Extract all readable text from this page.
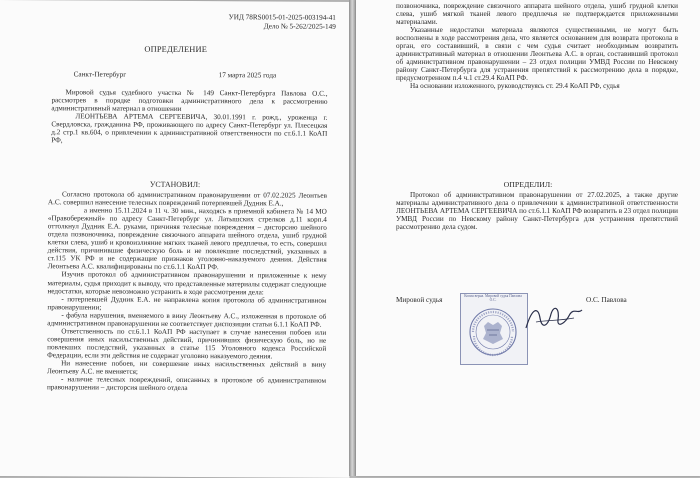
УИД 78RS0015-01-2025-003194-41
Дело № 5-262/2025-149
ОПРЕДЕЛЕНИЕ
Санкт-Петербург	17 марта 2025 года

Мировой судья судебного участка № 149 Санкт-Петербурга Павлова О.С., рассмотрев в порядке подготовки административного дела к рассмотрению административный материал в отношении

ЛЕОНТЬЕВА АРТЕМА СЕРГЕЕВИЧА, 30.01.1991 г. рожд., уроженца г. Свердловска, гражданина РФ, проживающего по адресу Санкт-Петербург ул. Плесецкая д.2 стр.1 кв.604, о привлечении к административной ответственности по ст.6.1.1 КоАП РФ,

УСТАНОВИЛ:

Согласно протокола об административном правонарушении от 07.02.2025 Леонтьев А.С. совершил нанесение телесных повреждений потерпевшей Дудник Е.А.,

а именно 15.11.2024 в 11 ч. 30 мин., находясь в приемной кабинета № 14 МО «Правобережный» по адресу Санкт-Петербург ул. Латышских стрелков д.11 корп.4 оттолкнул Дудник Е.А. руками, причиняя телесные повреждения – дисторсию шейного отдела позвоночника, повреждение связочного аппарата шейного отдела, ушиб грудной клетки слева, ушиб и кровоизлияние мягких тканей левого предплечья, то есть, совершил действия, причинившие физическую боль и не повлекшие последствий, указанных в ст.115 УК РФ и не содержащие признаков уголовно-наказуемого деяния. Действия Леонтьева А.С. квалифицированы по ст.6.1.1 КоАП РФ.

Изучив протокол об административном правонарушении и приложенные к нему материалы, судья приходит к выводу, что представленные материалы содержат следующие недостатки, которые невозможно устранить в ходе рассмотрения дела:

- потерпевшей Дудник Е.А. не направлена копия протокола об административном правонарушении;

- фабула нарушения, вменяемого в вину Леонтьеву А.С., изложенная в протоколе об административном правонарушении не соответствует диспозиции статьи 6.1.1 КоАП РФ.

Ответственность по ст.6.1.1 КоАП РФ наступает в случае нанесения побоев или совершения иных насильственных действий, причинивших физическую боль, но не повлекших последствий, указанных в статье 115 Уголовного кодекса Российской Федерации, если эти действия не содержат уголовно наказуемого деяния.

Ни нанесение побоев, ни совершение иных насильственных действий в вину Леонтьеву А.С. не вменяется;

- наличие телесных повреждений, описанных в протоколе об административном правонарушении – дисторсия шейного отдела

позвоночника, повреждение связочного аппарата шейного отдела, ушиб грудной клетки слева, ушиб мягкой тканей левого предплечья не подтверждается приложенными материалами.

Указанные недостатки материала являются существенными, не могут быть восполнены в ходе рассмотрения дела, что является основанием для возврата протокола в орган, его составивший, в связи с чем судья считает необходимым возвратить административный материал в отношении Леонтьева А.С. в орган, составивший протокол об административном правонарушении – 23 отдел полиции УМВД России по Невскому району Санкт-Петербурга для устранения препятствий к рассмотрению дела в порядке, предусмотренном п.4 ч.1 ст.29.4 КоАП РФ.

На основании изложенного, руководствуясь ст. 29.4 КоАП РФ, судья

ОПРЕДЕЛИЛ:

Протокол об административном правонарушении от 27.02.2025, а также другие материалы административного дела о привлечении к административной ответственности ЛЕОНТЬЕВА АРТЕМА СЕРГЕЕВИЧА по ст.6.1.1 КоАП РФ возвратить в 23 отдел полиции УМВД России по Невскому району Санкт-Петербурга для устранения препятствий рассмотрению дела судом.

Мировой судья	О.С. Павлова
Копия верна. Мировой судья Павлова О.С.
